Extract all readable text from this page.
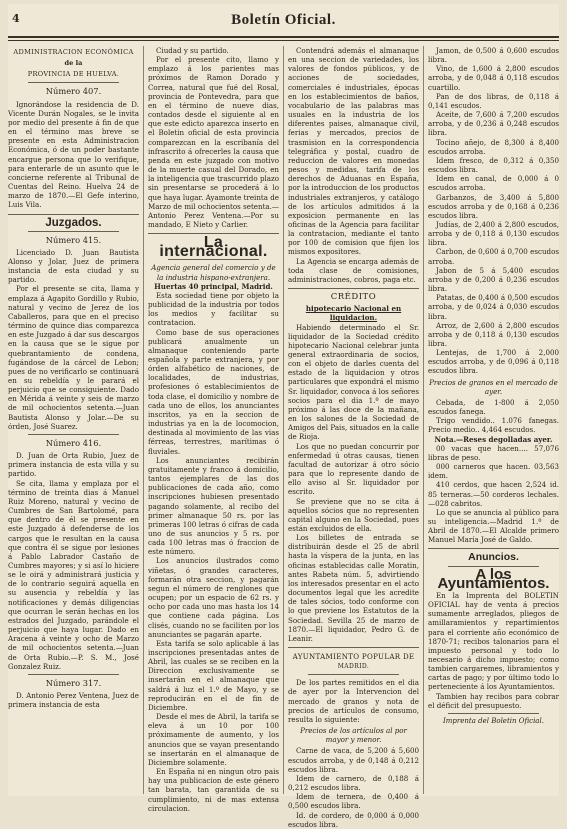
4	Boletín Oficial.
ADMINISTRACION ECONÓMICA
de la
PROVINCIA DE HUELVA.
Número 407.

Ignorándose la residencia de D. Vicente Durán Nogales, se le invita por medio del presente á fin de que en el término mas breve se presente en esta Administracion Económica, ó de un poder bastante encargue persona que lo verifique, para enterarle de un asunto que le concierne referente al Tribunal de Cuentas del Reino. Huelva 24 de marzo de 1870.—El Gefe interino, Luis Vila.

Juzgados.
Número 415.

Licenciado D. Juan Bautista Alonso y Jolar, Juez de primera instancia de esta ciudad y su partido.

Por el presente se cita, llama y emplaza á Agapito Gordillo y Rubio, natural y vecino de Jerez de los Caballeros, para que en el preciso término de quince dias comparezca en este Juzgado á dar sus descargos en la causa que se le sigue por quebrantamiento de condena, fugándose de la cárcel de Lebon; pues de no verificarlo se continuará en su rebeldía y le parará el perjuicio que se consiguiente. Dado en Mérida á veinte y seis de marzo de mil ochocientos setenta.—Juan Bautista Alonso y Jolar.—De su órden, José Suarez.

Número 416.

D. Juan de Orta Rubio, Juez de primera instancia de esta villa y su partido.

Se cita, llama y emplaza por el término de treinta dias á Manuel Ruiz Moreno, natural y vecino de Cumbres de San Bartolomé, para que dentro de él se presente en este Juzgado á defenderse de los cargos que le resultan en la causa que contra él se sigue por lesiones á Pablo Labrador Castaño de Cumbres mayores; y si así lo hiciere se le oirá y administrará justicia y de lo contrario seguirá aquella en su ausencia y rebeldía y las notificaciones y demás diligencias que ocurran le serán hechas en los estrados del Juzgado, parándole el perjuicio que haya lugar. Dado en Aracena á veinte y ocho de Marzo de mil ochocientos setenta.—Juan de Orta Rubio.—P. S. M., José Gonzalez Ruiz.

Número 317.

D. Antonio Perez Ventena, Juez de primera instancia de esta

Ciudad y su partido.

Por el presente cito, llamo y emplazo á los parientes mas próximos de Ramon Dorado y Correa, natural que fué del Rosal, provincia de Pontevedra, para que en el término de nueve dias, contados desde el siguiente al en que este edicto aparezca inserto en el Boletin oficial de esta provincia comparezcan en la escribanía del infrascrito á ofrecerles la causa que penda en este juzgado con motivo de la muerte casual del Dorado, en la inteligencia que trascurrido plazo sin presentarse se procederá á lo que haya lugar. Ayamonte treinta de Marzo de mil ochocientos setenta.—Antonio Perez Ventena.—Por su mandado, E Nieto y Carlier.

La internacional.

Agencia general del comercio y de la industria hispano-extranjera.

Huertas 40 principal, Madrid.

Esta sociedad tiene por objeto la publicidad de la industria por todos los medios y facilitar su contratacion.

Como base de sus operaciones publicará anualmente un almanaque conteniendo parte española y parte extranjera, y por órden alfabético de naciones, de localidades, de industrias, profesiones ó establecimientos de toda clase, el domicilio y nombre de cada uno de ellos, los anunciantes inscritos, ya en la seccion de industrias ya en la de locomocion, destinada al movimiento de las vias férreas, terrestres, marítimas ó fluviales.

Los anunciantes recibirán gratuitamente y franco á domicilio, tantos ejemplares de las dos publicaciones de cada año, como inscripciones hubiesen presentado pagando solamente, al recibo del primer almanaque 50 rs. por las primeras 100 letras ó cifras de cada uno de sus anuncios y 5 rs. por cada 100 letras mas ó fraccion de este número.

Los anuncios ilustrados como viñetas, ó grandes caracteres, formarán otra seccion, y pagarán segun el número de renglones que ocupen; por un espacio de 62 rs. y ocho por cada uno mas hasta los 14 que contiene cada página. Los clisés, cuando no se faciliten por los anunciantes se pagarán aparte.

Esta tarifa se solo aplicable á las inscripciones presentadas antes de Abril, las cuales se se reciben en la Direccion exclusivamente se insertarán en el almanaque que saldrá á luz el 1.º de Mayo, y se reproducirán en el de fin de Diciembre.

Desde el mes de Abril, la tarifa se eleva á un 10 por 100 próximamente de aumento, y los anuncios que se vayan presentando se insertarán en el almanaque de Diciembre solamente.

En España ni en ningun otro pais hay una publicacion de este género tan barata, tan garantida de su cumplimiento, ni de mas extensa circulacion.

Contendrá además el almanaque en una seccion de variedades, los valores de fondos públicos, y de acciones de sociedades, comerciales é industriales, épocas en los establecimientos de baños, vocabulario de las palabras mas usuales en la industria de los diferentes paises, almanaque civil, ferias y mercados, precios de trasmision en la correspondencia telegráfica y postal, cuadro de reduccion de valores en monedas pesos y medidas, tarifa de los derechos de Aduanas en España, por la introduccion de los productos industriales extranjeros, y catálogo de los artículos admitidos á la exposicion permanente en las oficinas de la Agencia para facilitar la contratacion, mediante el tanto por 100 de comision que fijen los mismos expositores.

La Agencia se encarga además de toda clase de comisiones, administraciones, cobros, paga etc.

CRÉDITO

hipotecario Nacional en liquidacion.

Habiendo determinado el Sr. liquidador de la Sociedad crédito hipotecario Nacional celebrar junta general extraordinaria de socios, con el objeto de darles cuenta del estado de la liquidacion y otros particulares que expondrá el mismo Sr. liquidador, convoca á los señores socios para el dia 1.º de mayo próximo á las doce de la mañana, en los salones de la Sociedad de Amigos del Pais, situados en la calle de Rioja.

Los que no puedan concurrir por enfermedad ú otras causas, tienen facultad de autorizar á otro sócio para que lo represente dando de ello aviso al Sr. liquidador por escrito.

Se previene que no se cita á aquellos sócios que no representen capital alguno en la Sociedad, pues están excluidos de ella.

Los billetes de entrada se distribuirán desde el 25 de abril hasta la víspera de la junta, en las oficinas establecidas calle Moratin, antes Rabeta núm. 5, advirtiendo los interesados presentar en el acto documentos legal que les acredite de tales sócios, todo conforme con lo que previene los Estatutos de la Sociedad. Sevilla 25 de marzo de 1870.—El liquidador, Pedro G. de Leanir.

AYUNTAMIENTO POPULAR DE
MADRID.

De los partes remitidos en el dia de ayer por la Intervencion del mercado de granos y nota de precios de artículos de consumo, resulta lo siguiente:

Precios de los artículos al por mayor y menor.

Carne de vaca, de 5,200 á 5,600 escudos arroba, y de 0,148 á 0,212 escudos libra.

Idem de carnero, de 0,188 á 0,212 escudos libra.

Idem de ternera, de 0,400 á 0,500 escudos libra.

Id. de cordero, de 0,000 á 0,000 escudos libra.

Jamon, de 0,500 á 0,600 escudos libra.

Vino, de 1,600 á 2,800 escudos arroba, y de 0,048 á 0,118 escudos cuartillo.

Pan de dos libras, de 0,118 á 0,141 escudos.

Aceite, de 7,600 á 7,200 escudos arroba, y de 0,236 á 0,248 escudos libra.

Tocino añejo, de 8,300 á 8,400 escudos arroba.

Idem fresco, de 0,312 á 0,350 escudos libra.

Idem en canal, de 0,000 á 0 escudos arroba.

Garbanzos, de 3,400 á 5,800 escudos arroba y de 0,168 á 0,236 escudos libra.

Judías, de 2,400 á 2,800 escudos, arroba y de 0,118 á 0,130 escudos libra.

Carbon, de 0,600 á 0,700 escudos arroba.

Jabon de 5 á 5,400 escudos arroba y de 0,200 á 0,236 escudos libra.

Patatas, de 0,400 á 0,500 escudos arroba, y de 0,024 á 0,030 escudos libra.

Arroz, de 2,600 á 2,800 escudos arroba y de 0,118 á 0,130 escudos libra.

Lentejas, de 1,700 á 2,000 escudos arroba, y de 0,096 á 0,118 escudos libra.

Precios de granos en el mercado de ayer.

Cebada, de 1-800 á 2,050 escudos fanega.

Trigo vendido.. 1.076 fanegas. Precio medio.. 4,464 escudos.

Nota.—Reses degolladas ayer.

00 vacas que hacen.... 57,076 libras de peso.

000 carneros que hacen. 03,563 idem.

410 cerdos, que hacen 2,524 id. 85 terneras.—50 corderos lechales.—028 cabritos.

Lo que se anuncia al público para su inteligencia.—Madrid 1.º de Abril de 1870.—El Alcalde primero Manuel María José de Galdo.

Anuncios.
A los Ayuntamientos.

En la Imprenta del BOLETIN OFICIAL hay de venta á precios sumamente arreglados, pliegos de amillaramientos y repartimientos para el corriente año económico de 1870-71; recibos talonarios para el impuesto personal y todo lo necesario á dicho impuesto; como tambien cargaremes, libramientos y cartas de pago; y por último todo lo perteneciente á los Ayuntamientos.

Tambien hay recibos para cobrar el déficit del presupuesto.

Imprenta del Boletin Oficial.
